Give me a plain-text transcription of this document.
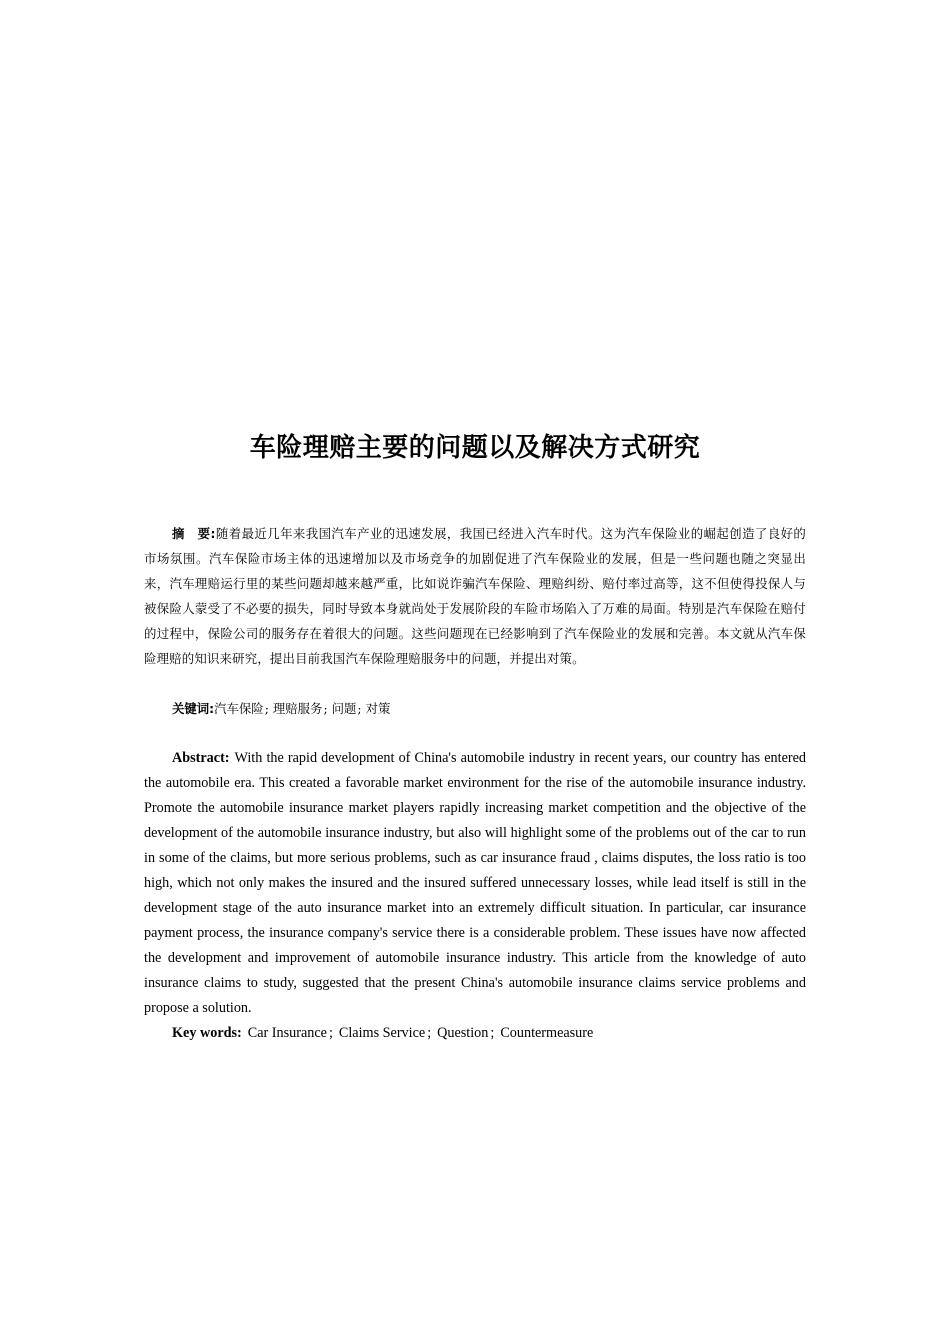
车险理赔主要的问题以及解决方式研究
摘　要:随着最近几年来我国汽车产业的迅速发展，我国已经进入汽车时代。这为汽车保险业的崛起创造了良好的市场氛围。汽车保险市场主体的迅速增加以及市场竞争的加剧促进了汽车保险业的发展，但是一些问题也随之突显出来，汽车理赔运行里的某些问题却越来越严重，比如说诈骗汽车保险、理赔纠纷、赔付率过高等，这不但使得投保人与被保险人蒙受了不必要的损失，同时导致本身就尚处于发展阶段的车险市场陷入了万难的局面。特别是汽车保险在赔付的过程中，保险公司的服务存在着很大的问题。这些问题现在已经影响到了汽车保险业的发展和完善。本文就从汽车保险理赔的知识来研究，提出目前我国汽车保险理赔服务中的问题，并提出对策。
关键词:汽车保险; 理赔服务; 问题; 对策
Abstract: With the rapid development of China's automobile industry in recent years, our country has entered the automobile era. This created a favorable market environment for the rise of the automobile insurance industry. Promote the automobile insurance market players rapidly increasing market competition and the objective of the development of the automobile insurance industry, but also will highlight some of the problems out of the car to run in some of the claims, but more serious problems, such as car insurance fraud , claims disputes, the loss ratio is too high, which not only makes the insured and the insured suffered unnecessary losses, while lead itself is still in the development stage of the auto insurance market into an extremely difficult situation. In particular, car insurance payment process, the insurance company's service there is a considerable problem. These issues have now affected the development and improvement of automobile insurance industry. This article from the knowledge of auto insurance claims to study, suggested that the present China's automobile insurance claims service problems and propose a solution.
Key words: Car Insurance ; Claims Service ; Question ; Countermeasure
